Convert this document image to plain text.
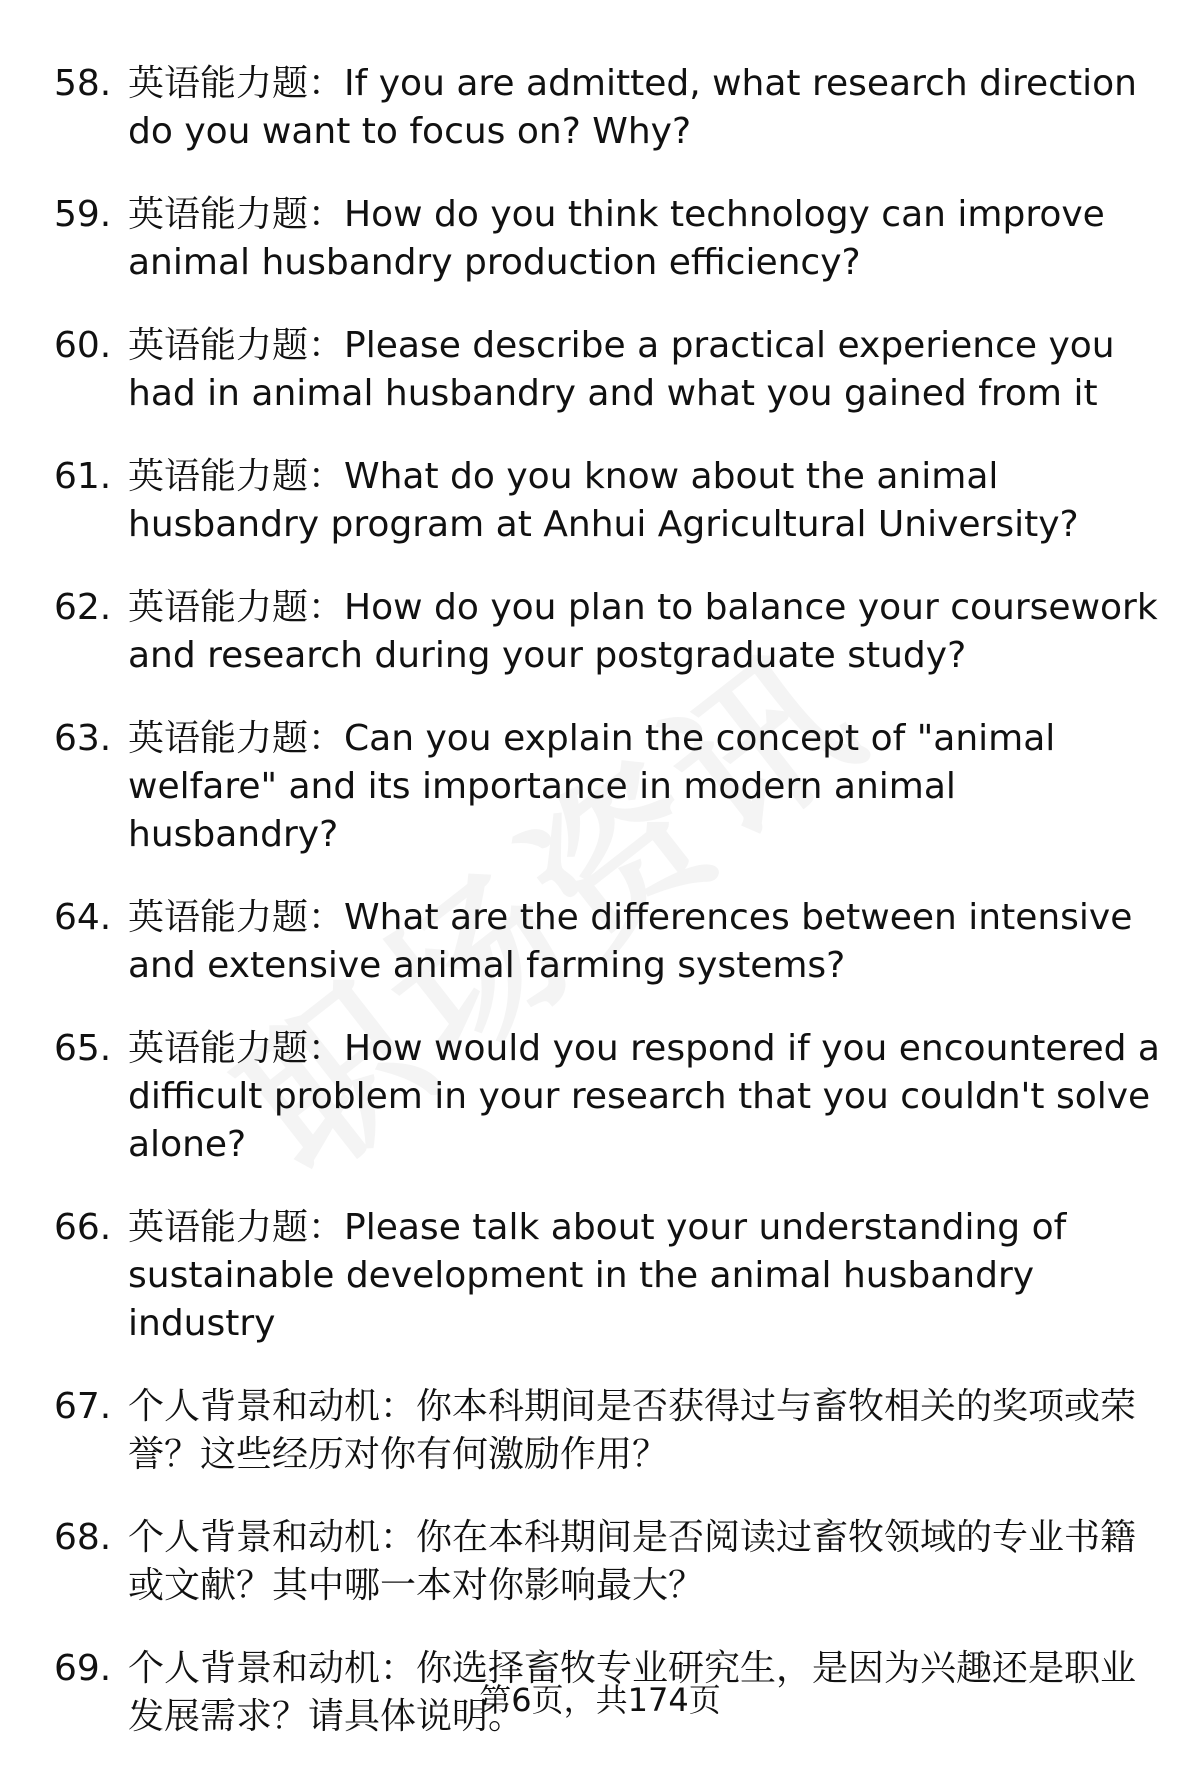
58. 英语能力题：If you are admitted, what research direction do you want to focus on? Why?
59. 英语能力题：How do you think technology can improve animal husbandry production efficiency?
60. 英语能力题：Please describe a practical experience you had in animal husbandry and what you gained from it
61. 英语能力题：What do you know about the animal husbandry program at Anhui Agricultural University?
62. 英语能力题：How do you plan to balance your coursework and research during your postgraduate study?
63. 英语能力题：Can you explain the concept of "animal welfare" and its importance in modern animal husbandry?
64. 英语能力题：What are the differences between intensive and extensive animal farming systems?
65. 英语能力题：How would you respond if you encountered a difficult problem in your research that you couldn't solve alone?
66. 英语能力题：Please talk about your understanding of sustainable development in the animal husbandry industry
67. 个人背景和动机：你本科期间是否获得过与畜牧相关的奖项或荣誉？这些经历对你有何激励作用？
68. 个人背景和动机：你在本科期间是否阅读过畜牧领域的专业书籍或文献？其中哪一本对你影响最大？
69. 个人背景和动机：你选择畜牧专业研究生，是因为兴趣还是职业发展需求？请具体说明。
第6页，共174页
